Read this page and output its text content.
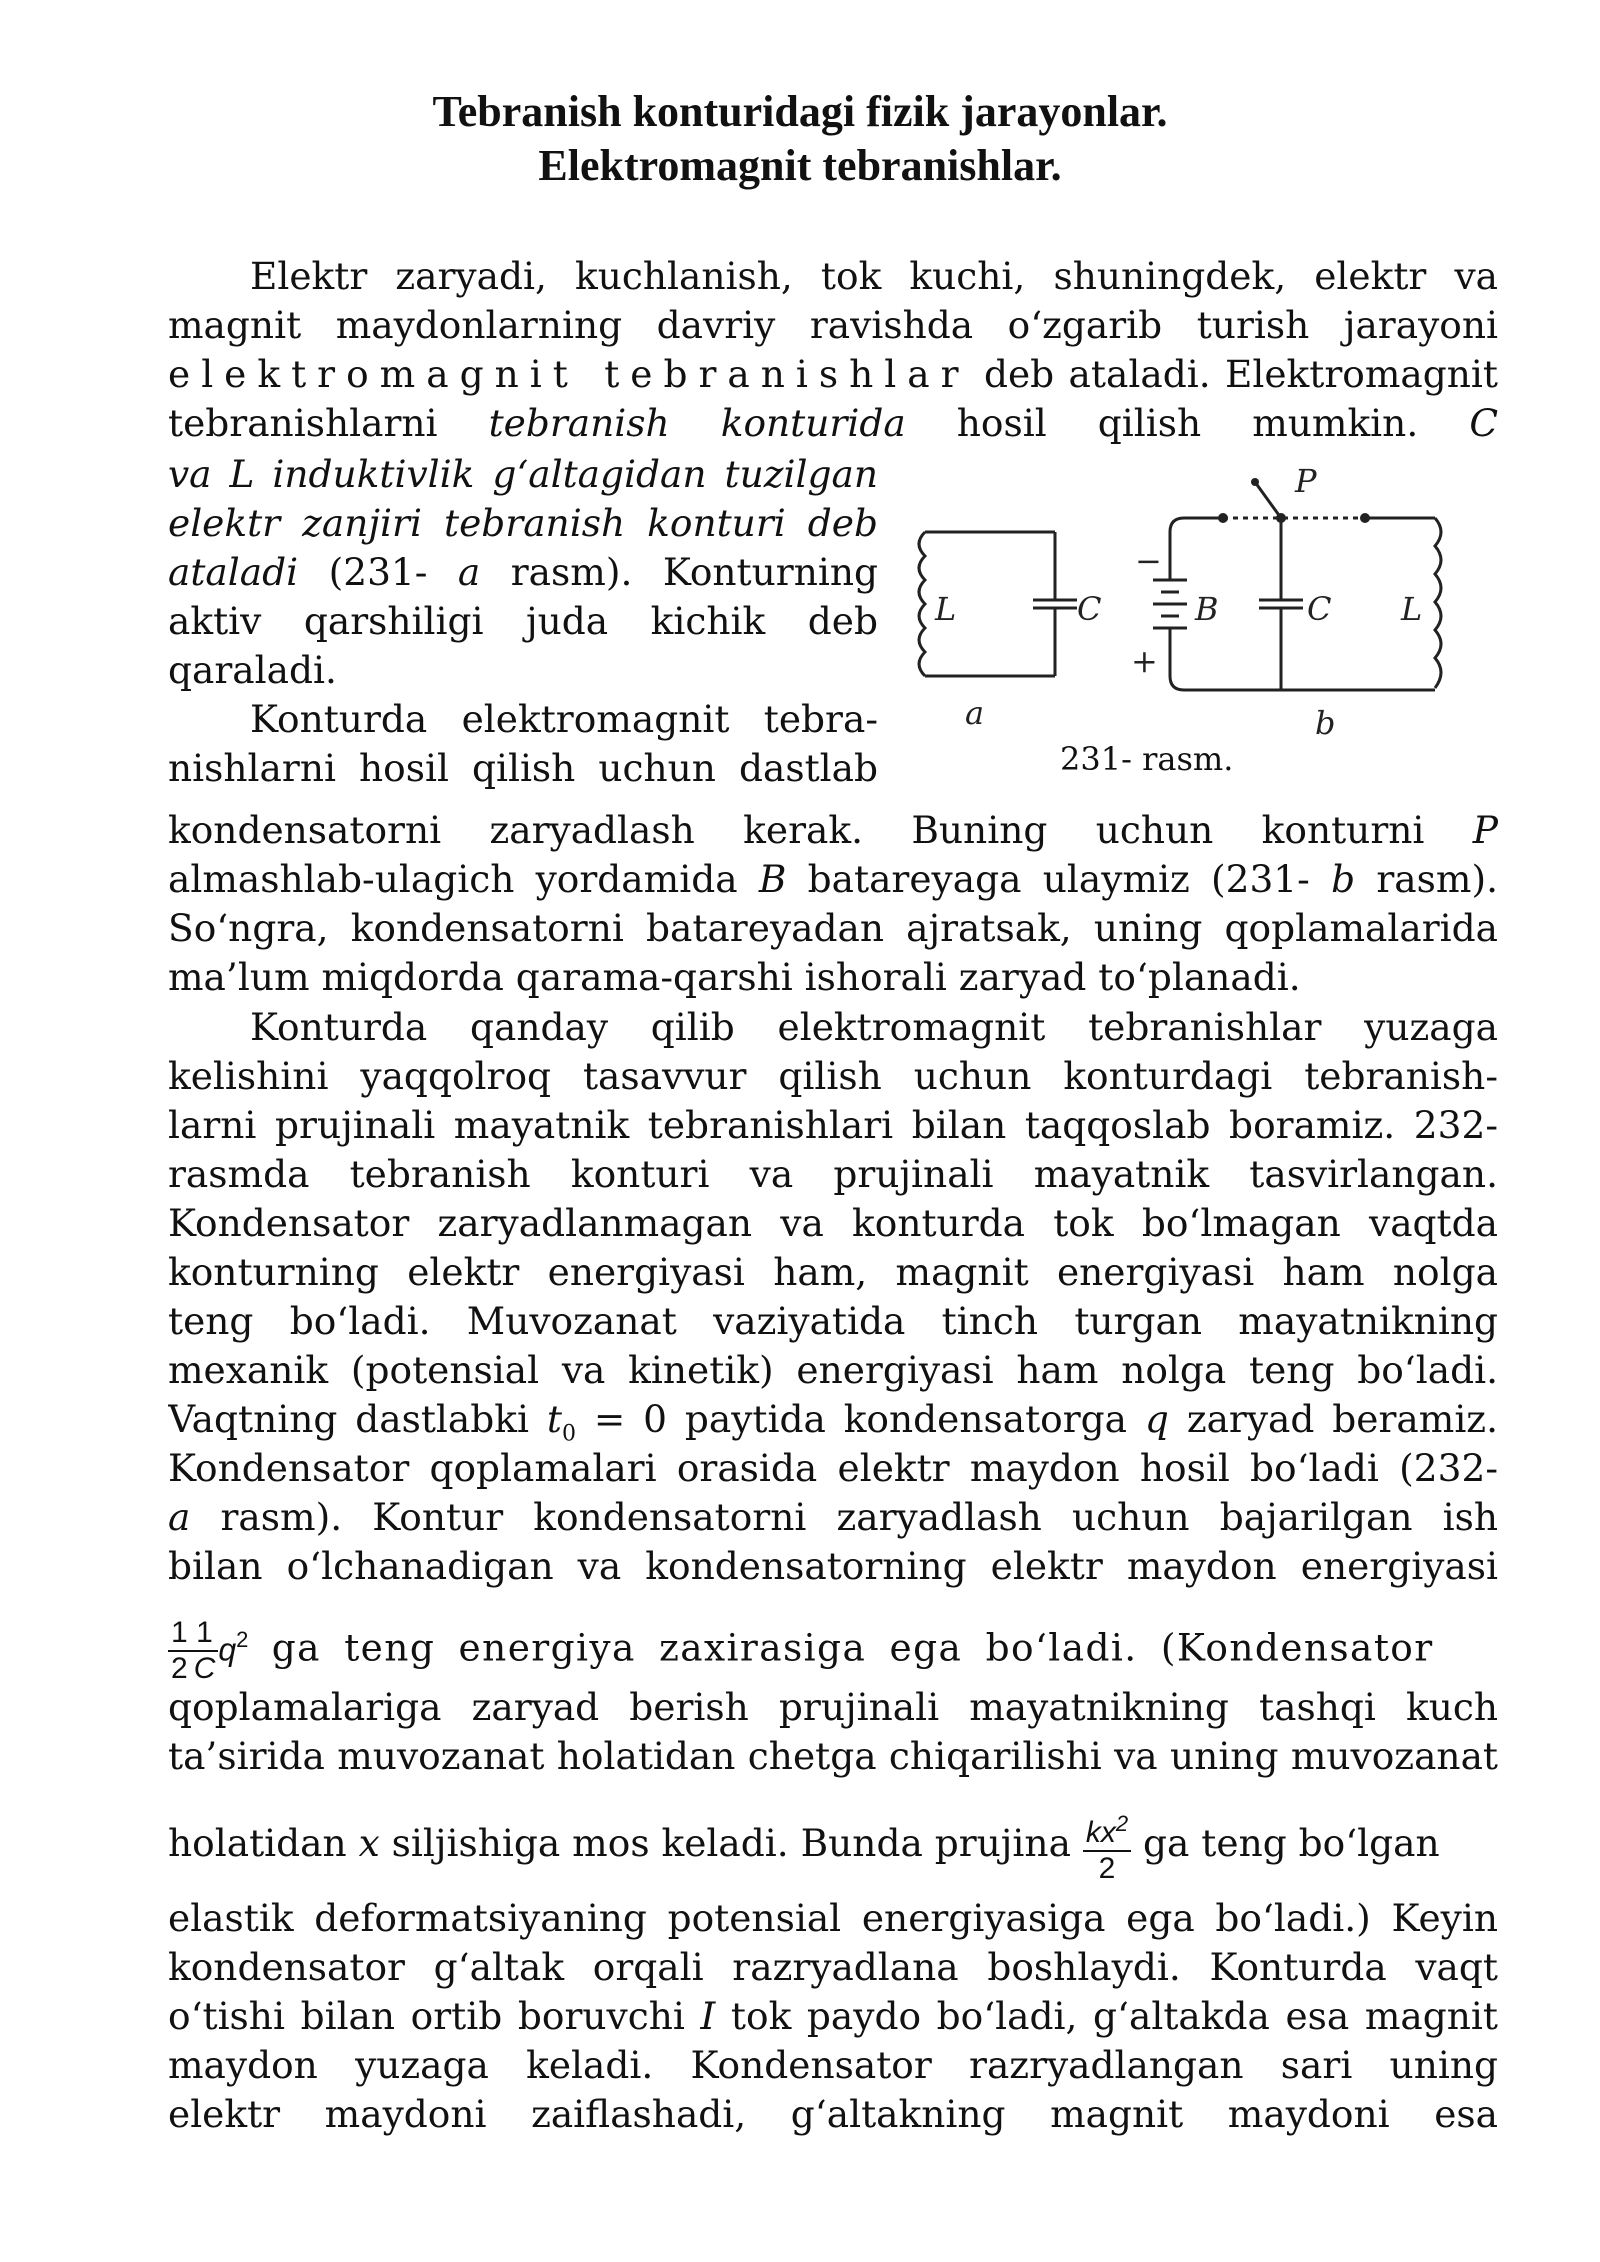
Tebranish konturidagi fizik jarayonlar.
Elektromagnit tebranishlar.
Elektr zaryadi, kuchlanish, tok kuchi, shuningdek, elektr va
magnit maydonlarning davriy ravishda o‘zgarib turish jarayoni
elektromagnit tebranishlar deb ataladi. Elektromagnit
tebranishlarni tebranish konturida hosil qilish mumkin. C
va L induktivlik g‘altagidan tuzilgan
elektr zanjiri tebranish konturi deb
ataladi (231- a rasm). Konturning
aktiv qarshiligi juda kichik deb
qaraladi.
Konturda elektromagnit tebra-
nishlarni hosil qilish uchun dastlab
kondensatorni zaryadlash kerak. Buning uchun konturni P
almashlab-ulagich yordamida B batareyaga ulaymiz (231- b rasm).
So‘ngra, kondensatorni batareyadan ajratsak, uning qoplamalarida
ma’lum miqdorda qarama-qarshi ishorali zaryad to‘planadi.
Konturda qanday qilib elektromagnit tebranishlar yuzaga
kelishini yaqqolroq tasavvur qilish uchun konturdagi tebranish-
larni prujinali mayatnik tebranishlari bilan taqqoslab boramiz. 232-
rasmda tebranish konturi va prujinali mayatnik tasvirlangan.
Kondensator zaryadlanmagan va konturda tok bo‘lmagan vaqtda
konturning elektr energiyasi ham, magnit energiyasi ham nolga
teng bo‘ladi. Muvozanat vaziyatida tinch turgan mayatnikning
mexanik (potensial va kinetik) energiyasi ham nolga teng bo‘ladi.
Vaqtning dastlabki $t_0 = 0$ paytida kondensatorga q zaryad beramiz.
Kondensator qoplamalari orasida elektr maydon hosil bo‘ladi (232-
a rasm). Kontur kondensatorni zaryadlash uchun bajarilgan ish
bilan o‘lchanadigan va kondensatorning elektr maydon energiyasi
$\frac{1}{2} \frac{1}{C} q^2$ ga teng energiya zaxirasiga ega bo‘ladi. (Kondensator
qoplamalariga zaryad berish prujinali mayatnikning tashqi kuch
ta’sirida muvozanat holatidan chetga chiqarilishi va uning muvozanat
holatidan x siljishiga mos keladi. Bunda prujina $\frac{kx^2}{2}$ ga teng bo‘lgan
elastik deformatsiyaning potensial energiyasiga ega bo‘ladi.) Keyin
kondensator g‘altak orqali razryadlana boshlaydi. Konturda vaqt
o‘tishi bilan ortib boruvchi I tok paydo bo‘ladi, g‘altakda esa magnit
maydon yuzaga keladi. Kondensator razryadlangan sari uning
elektr maydoni zaiflashadi, g‘altakning magnit maydoni esa
L	C
−
+
B
P
C L
a	b
231- rasm.
